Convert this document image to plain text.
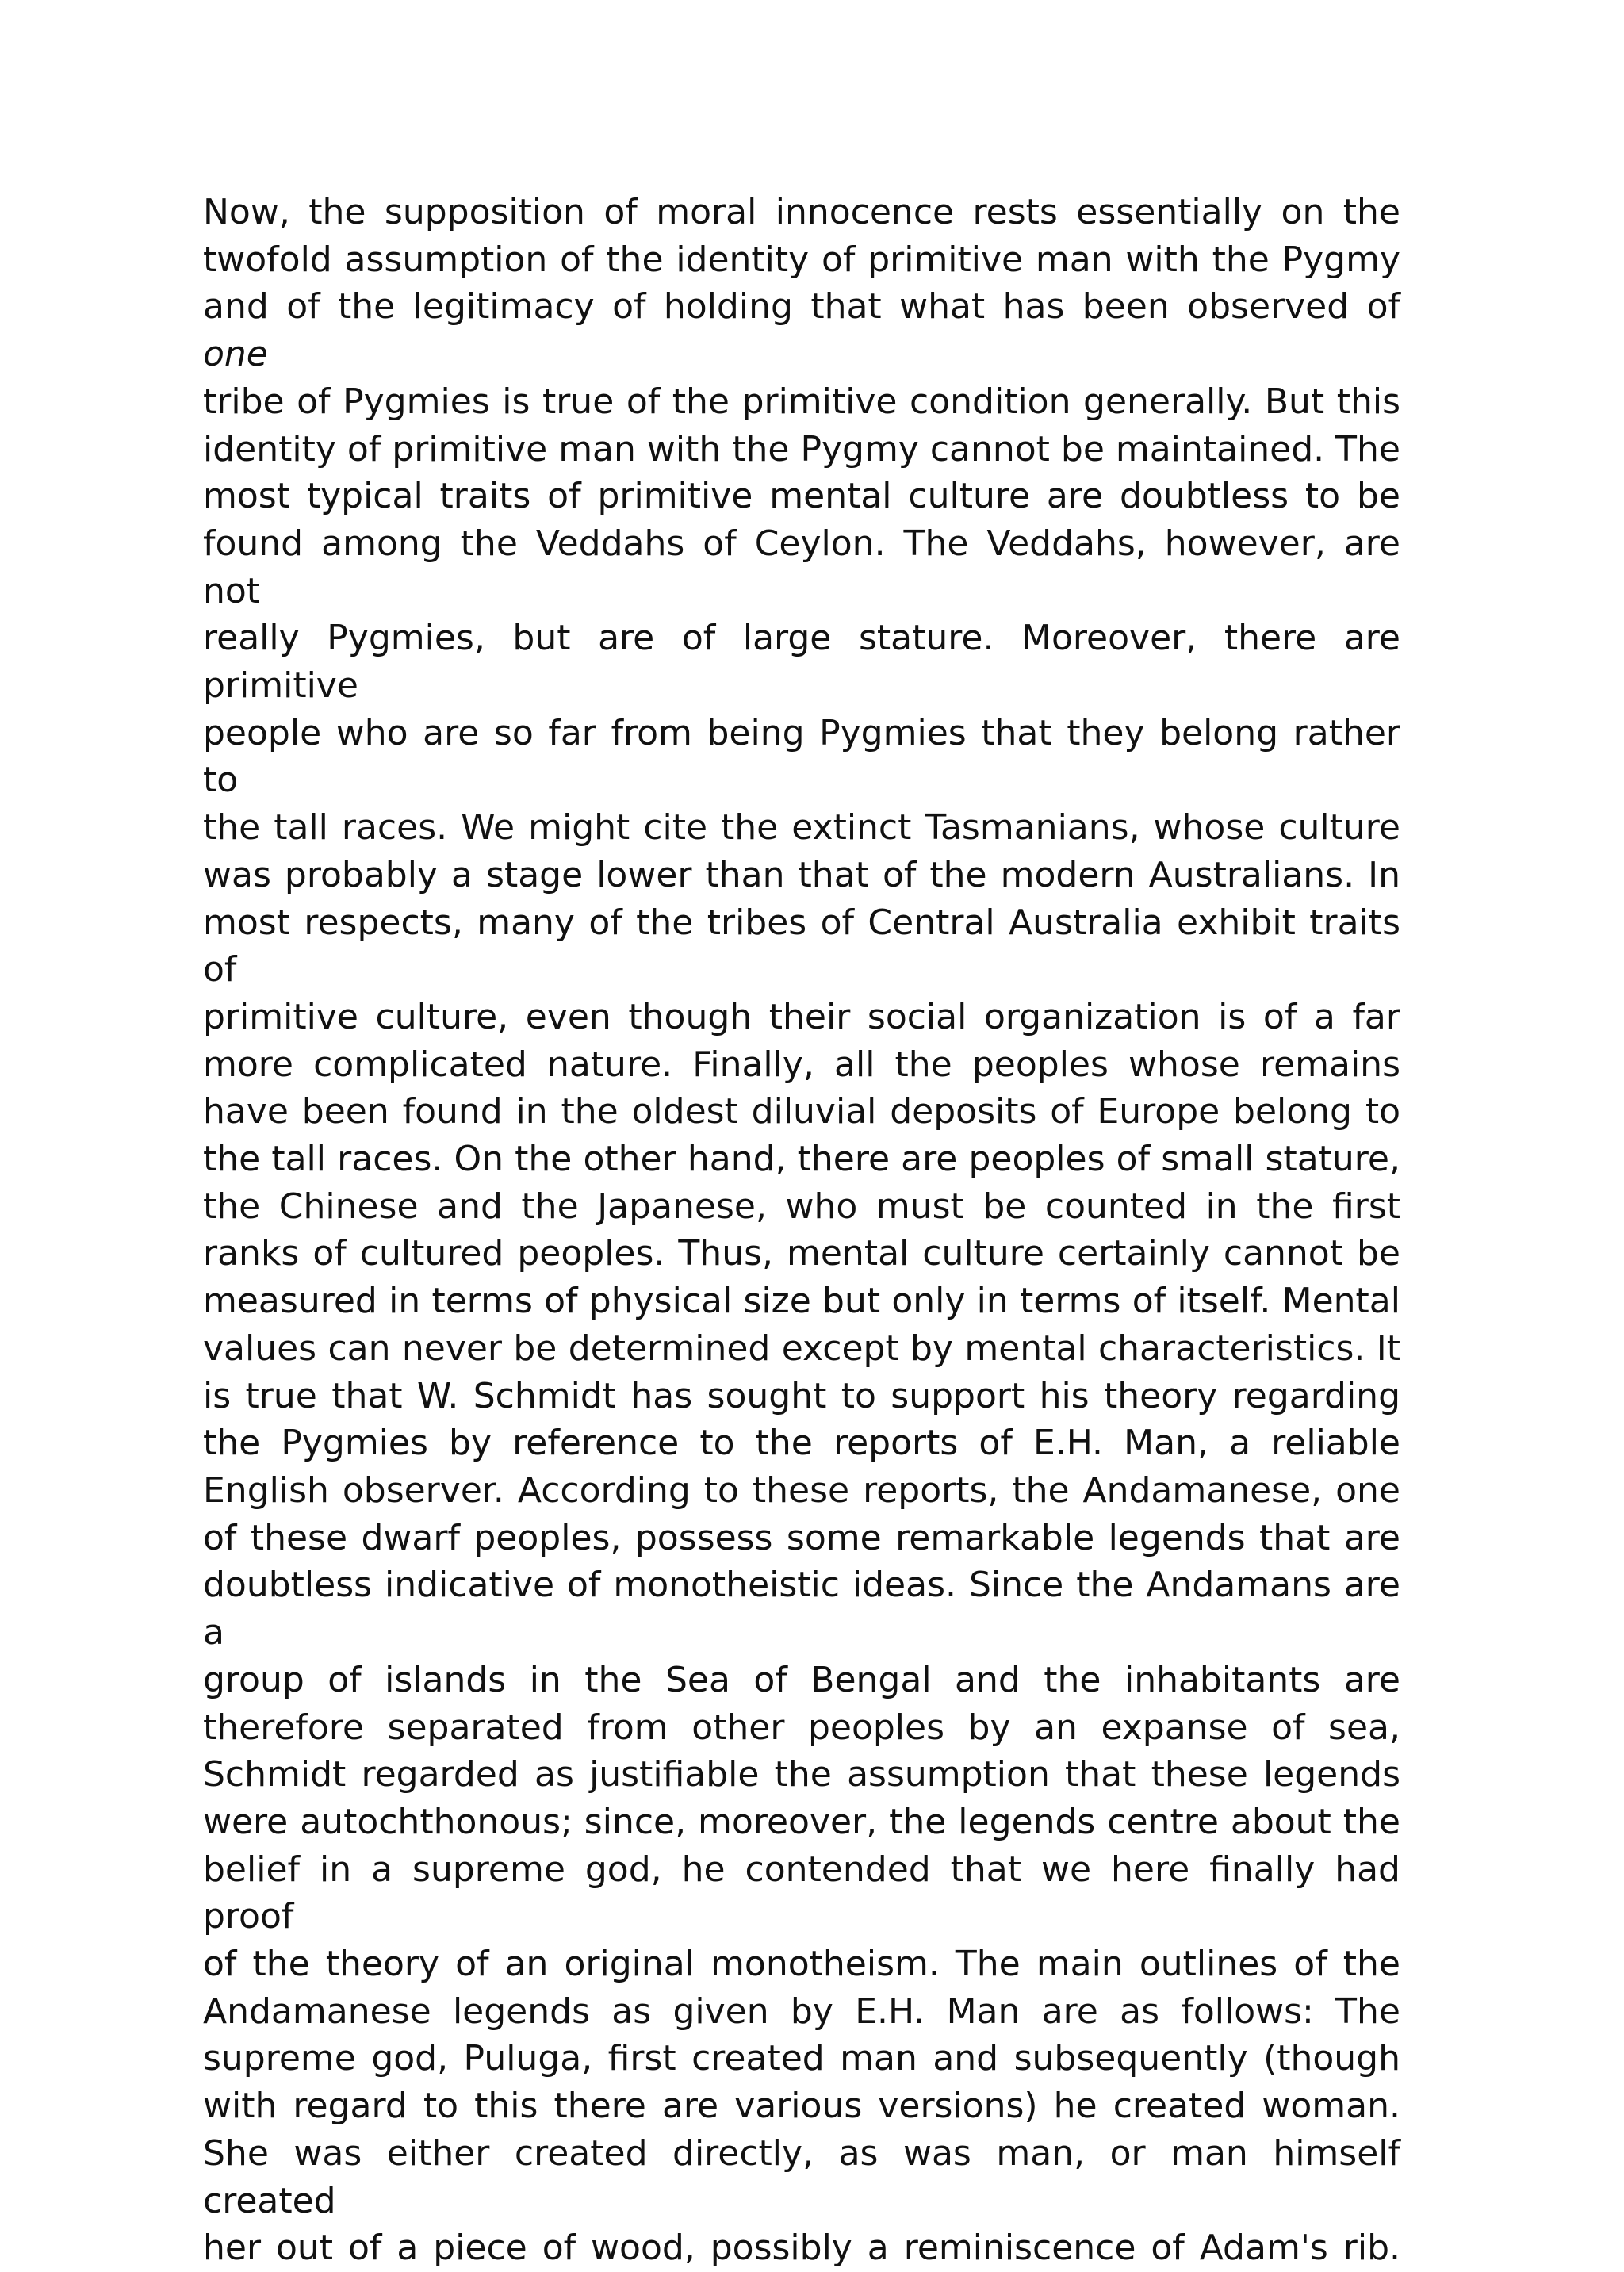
Now, the supposition of moral innocence rests essentially on the
twofold assumption of the identity of primitive man with the Pygmy
and of the legitimacy of holding that what has been observed of one
tribe of Pygmies is true of the primitive condition generally. But this
identity of primitive man with the Pygmy cannot be maintained. The
most typical traits of primitive mental culture are doubtless to be
found among the Veddahs of Ceylon. The Veddahs, however, are not
really Pygmies, but are of large stature. Moreover, there are primitive
people who are so far from being Pygmies that they belong rather to
the tall races. We might cite the extinct Tasmanians, whose culture
was probably a stage lower than that of the modern Australians. In
most respects, many of the tribes of Central Australia exhibit traits of
primitive culture, even though their social organization is of a far
more complicated nature. Finally, all the peoples whose remains
have been found in the oldest diluvial deposits of Europe belong to
the tall races. On the other hand, there are peoples of small stature,
the Chinese and the Japanese, who must be counted in the first
ranks of cultured peoples. Thus, mental culture certainly cannot be
measured in terms of physical size but only in terms of itself. Mental
values can never be determined except by mental characteristics. It
is true that W. Schmidt has sought to support his theory regarding
the Pygmies by reference to the reports of E.H. Man, a reliable
English observer. According to these reports, the Andamanese, one
of these dwarf peoples, possess some remarkable legends that are
doubtless indicative of monotheistic ideas. Since the Andamans are a
group of islands in the Sea of Bengal and the inhabitants are
therefore separated from other peoples by an expanse of sea,
Schmidt regarded as justifiable the assumption that these legends
were autochthonous; since, moreover, the legends centre about the
belief in a supreme god, he contended that we here finally had proof
of the theory of an original monotheism. The main outlines of the
Andamanese legends as given by E.H. Man are as follows: The
supreme god, Puluga, first created man and subsequently (though
with regard to this there are various versions) he created woman.
She was either created directly, as was man, or man himself created
her out of a piece of wood, possibly a reminiscence of Adam's rib.
